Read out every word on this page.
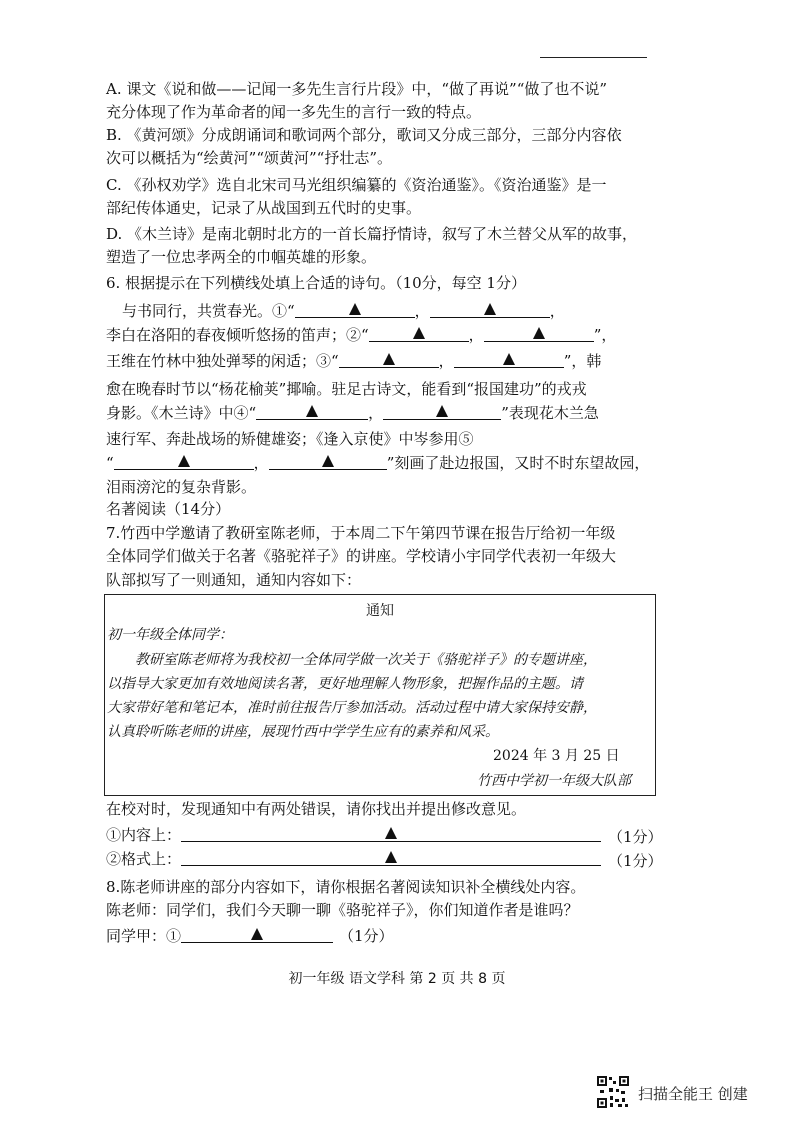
A. 课文《说和做——记闻一多先生言行片段》中，“做了再说”“做了也不说”
充分体现了作为革命者的闻一多先生的言行一致的特点。
B. 《黄河颂》分成朗诵词和歌词两个部分，歌词又分成三部分，三部分内容依
次可以概括为“绘黄河”“颂黄河”“抒壮志”。
C. 《孙权劝学》选自北宋司马光组织编纂的《资治通鉴》。《资治通鉴》是一
部纪传体通史，记录了从战国到五代时的史事。
D. 《木兰诗》是南北朝时北方的一首长篇抒情诗，叙写了木兰替父从军的故事，
塑造了一位忠孝两全的巾帼英雄的形象。
6. 根据提示在下列横线处填上合适的诗句。（10分，每空 1分）
与书同行，共赏春光。①“	，	，
李白在洛阳的春夜倾听悠扬的笛声；②“	，	”，
王维在竹林中独处弹琴的闲适；③“	，	”，韩
愈在晚春时节以“杨花榆荚”揶喻。驻足古诗文，能看到“报国建功”的戎戎
身影。《木兰诗》中④“	，	”表现花木兰急
速行军、奔赴战场的矫健雄姿；《逢入京使》中岑参用⑤
“	，	”刻画了赴边报国，又时不时东望故园，
泪雨滂沱的复杂背影。
名著阅读（14分）
7.竹西中学邀请了教研室陈老师，于本周二下午第四节课在报告厅给初一年级
全体同学们做关于名著《骆驼祥子》的讲座。学校请小宇同学代表初一年级大
队部拟写了一则通知，通知内容如下：
通知
初一年级全体同学：
教研室陈老师将为我校初一全体同学做一次关于《骆驼祥子》的专题讲座，
以指导大家更加有效地阅读名著，更好地理解人物形象，把握作品的主题。请
大家带好笔和笔记本，准时前往报告厅参加活动。活动过程中请大家保持安静，
认真聆听陈老师的讲座，展现竹西中学学生应有的素养和风采。
2024 年 3 月 25 日
竹西中学初一年级大队部
在校对时，发现通知中有两处错误，请你找出并提出修改意见。
①内容上：	（1分）
②格式上：	（1分）
8.陈老师讲座的部分内容如下，请你根据名著阅读知识补全横线处内容。
陈老师：同学们，我们今天聊一聊《骆驼祥子》，你们知道作者是谁吗？
同学甲：①	（1分）
初一年级 语文学科 第 2 页 共 8 页
扫描全能王 创建
